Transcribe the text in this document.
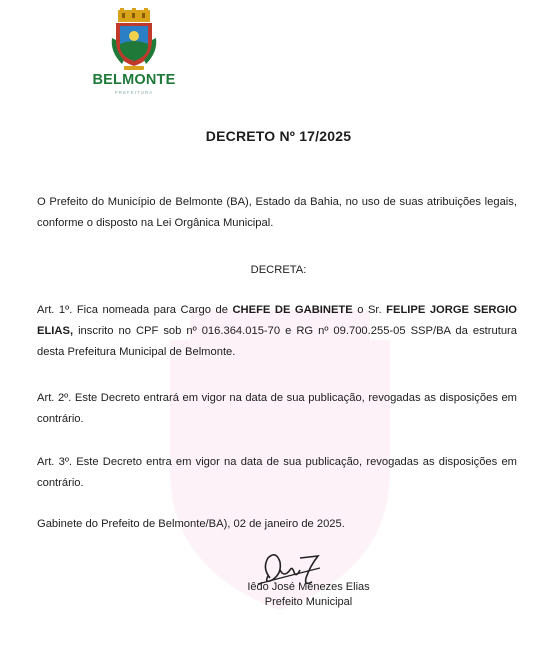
BELMONTE
PREFEITURA
DECRETO Nº 17/2025
O Prefeito do Município de Belmonte (BA), Estado da Bahia, no uso de suas atribuições legais, conforme o disposto na Lei Orgânica Municipal.
DECRETA:
Art. 1º. Fica nomeada para Cargo de CHEFE DE GABINETE o Sr. FELIPE JORGE SERGIO ELIAS, inscrito no CPF sob nº 016.364.015-70 e RG nº 09.700.255-05 SSP/BA da estrutura desta Prefeitura Municipal de Belmonte.
Art. 2º. Este Decreto entrará em vigor na data de sua publicação, revogadas as disposições em contrário.
Art. 3º. Este Decreto entra em vigor na data de sua publicação, revogadas as disposições em contrário.
Gabinete do Prefeito de Belmonte/BA), 02 de janeiro de 2025.
Iêdo José Menezes Elias
Prefeito Municipal
